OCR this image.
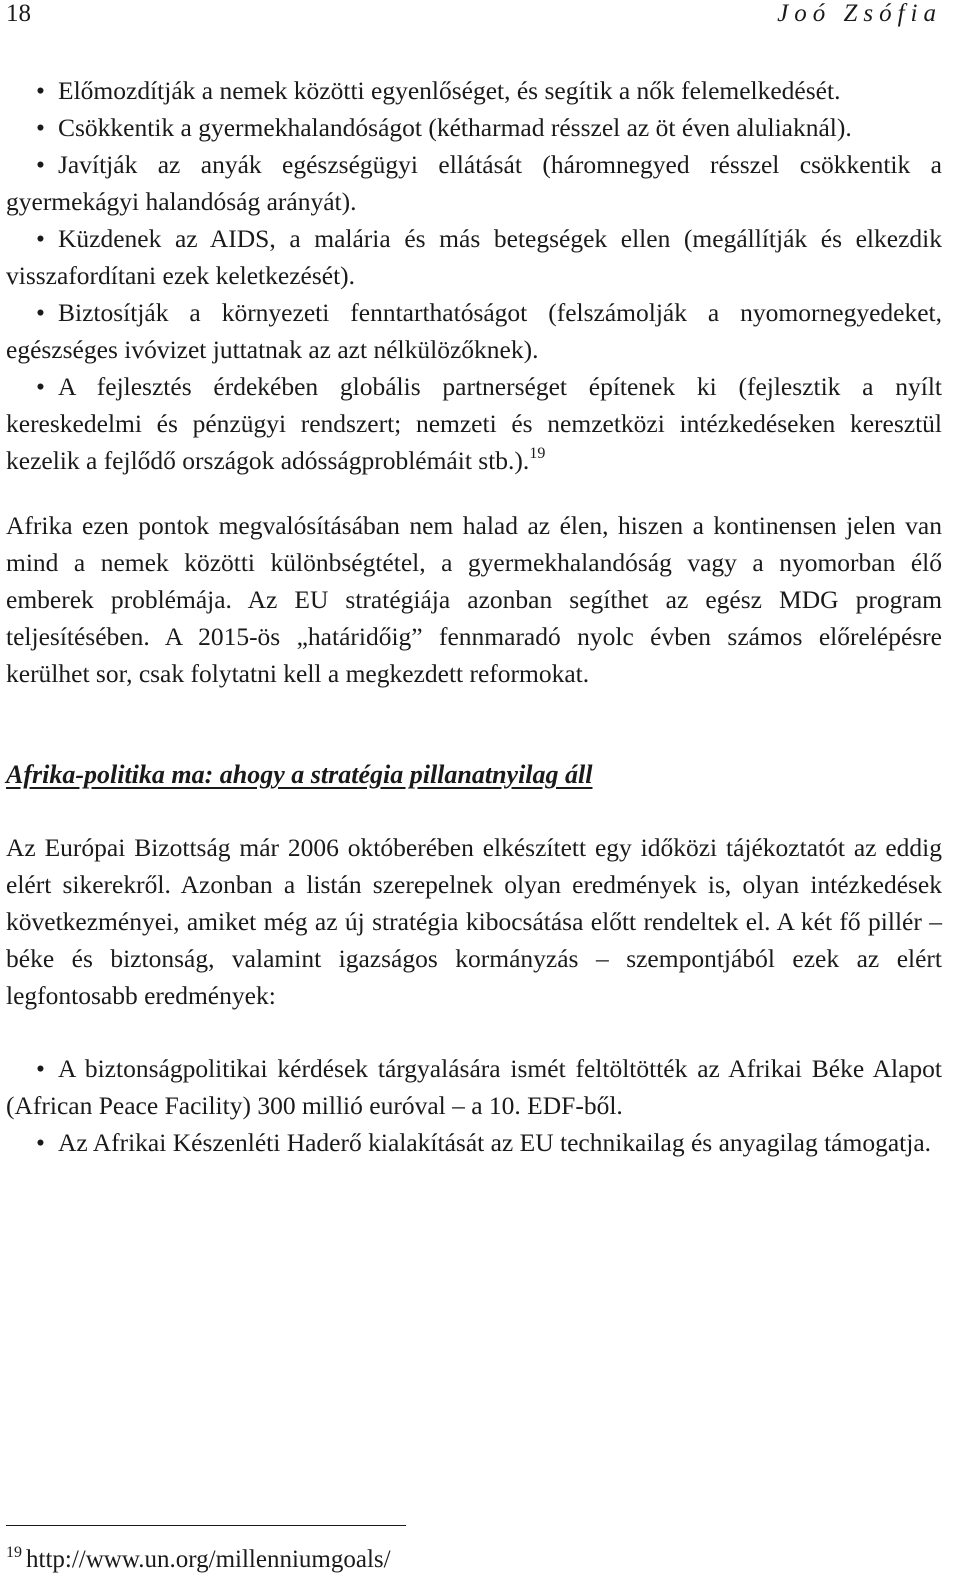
18	Joó Zsófia

• Előmozdítják a nemek közötti egyenlőséget, és segítik a nők felemelkedését.

• Csökkentik a gyermekhalandóságot (kétharmad résszel az öt éven aluliaknál).

• Javítják az anyák egészségügyi ellátását (háromnegyed résszel csökkentik a gyermekágyi halandóság arányát).

• Küzdenek az AIDS, a malária és más betegségek ellen (megállítják és elkezdik visszafordítani ezek keletkezését).

• Biztosítják a környezeti fenntarthatóságot (felszámolják a nyomornegyedeket, egészséges ivóvizet juttatnak az azt nélkülözőknek).

• A fejlesztés érdekében globális partnerséget építenek ki (fejlesztik a nyílt kereskedelmi és pénzügyi rendszert; nemzeti és nemzetközi intézkedéseken keresztül kezelik a fejlődő országok adósságproblémáit stb.).$^{19}$

Afrika ezen pontok megvalósításában nem halad az élen, hiszen a kontinensen jelen van mind a nemek közötti különbségtétel, a gyermekhalandóság vagy a nyomorban élő emberek problémája. Az EU stratégiája azonban segíthet az egész MDG program teljesítésében. A 2015-ös „határidőig” fennmaradó nyolc évben számos előrelépésre kerülhet sor, csak folytatni kell a megkezdett reformokat.

Afrika-politika ma: ahogy a stratégia pillanatnyilag áll

Az Európai Bizottság már 2006 októberében elkészített egy időközi tájékoztatót az eddig elért sikerekről. Azonban a listán szerepelnek olyan eredmények is, olyan intézkedések következményei, amiket még az új stratégia kibocsátása előtt rendeltek el. A két fő pillér – béke és biztonság, valamint igazságos kormányzás – szempontjából ezek az elért legfontosabb eredmények:

• A biztonságpolitikai kérdések tárgyalására ismét feltöltötték az Afrikai Béke Alapot (African Peace Facility) 300 millió euróval – a 10. EDF-ből.

• Az Afrikai Készenléti Haderő kialakítását az EU technikailag és anyagilag támogatja.

$^{19}$ http://www.un.org/millenniumgoals/
